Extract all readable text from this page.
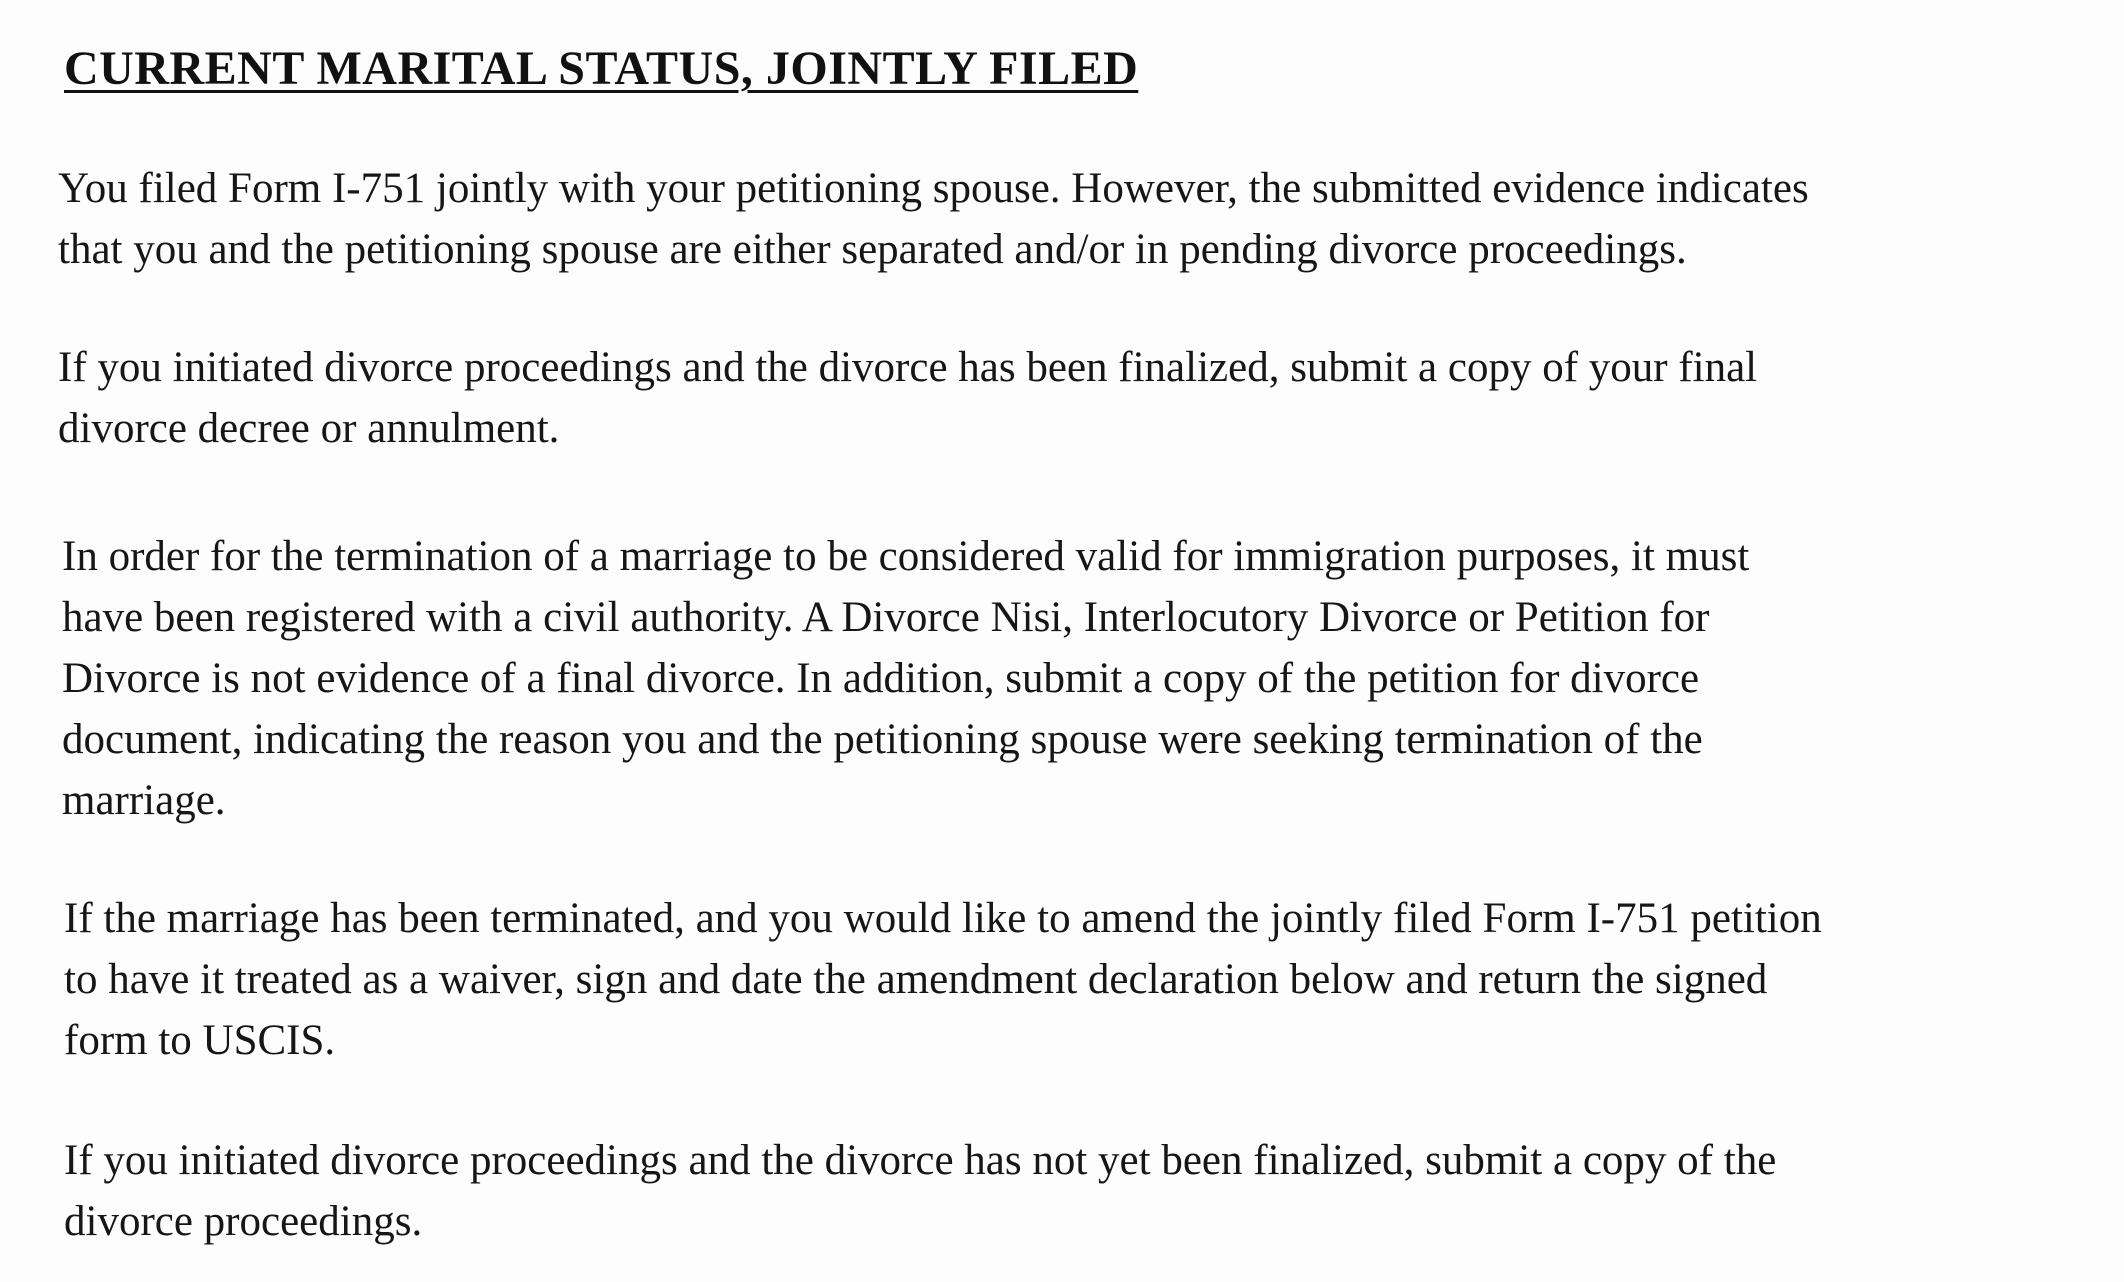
CURRENT MARITAL STATUS, JOINTLY FILED

You filed Form I-751 jointly with your petitioning spouse. However, the submitted evidence indicates
that you and the petitioning spouse are either separated and/or in pending divorce proceedings.

If you initiated divorce proceedings and the divorce has been finalized, submit a copy of your final
divorce decree or annulment.

In order for the termination of a marriage to be considered valid for immigration purposes, it must
have been registered with a civil authority. A Divorce Nisi, Interlocutory Divorce or Petition for
Divorce is not evidence of a final divorce. In addition, submit a copy of the petition for divorce
document, indicating the reason you and the petitioning spouse were seeking termination of the
marriage.

If the marriage has been terminated, and you would like to amend the jointly filed Form I-751 petition
to have it treated as a waiver, sign and date the amendment declaration below and return the signed
form to USCIS.

If you initiated divorce proceedings and the divorce has not yet been finalized, submit a copy of the
divorce proceedings.
